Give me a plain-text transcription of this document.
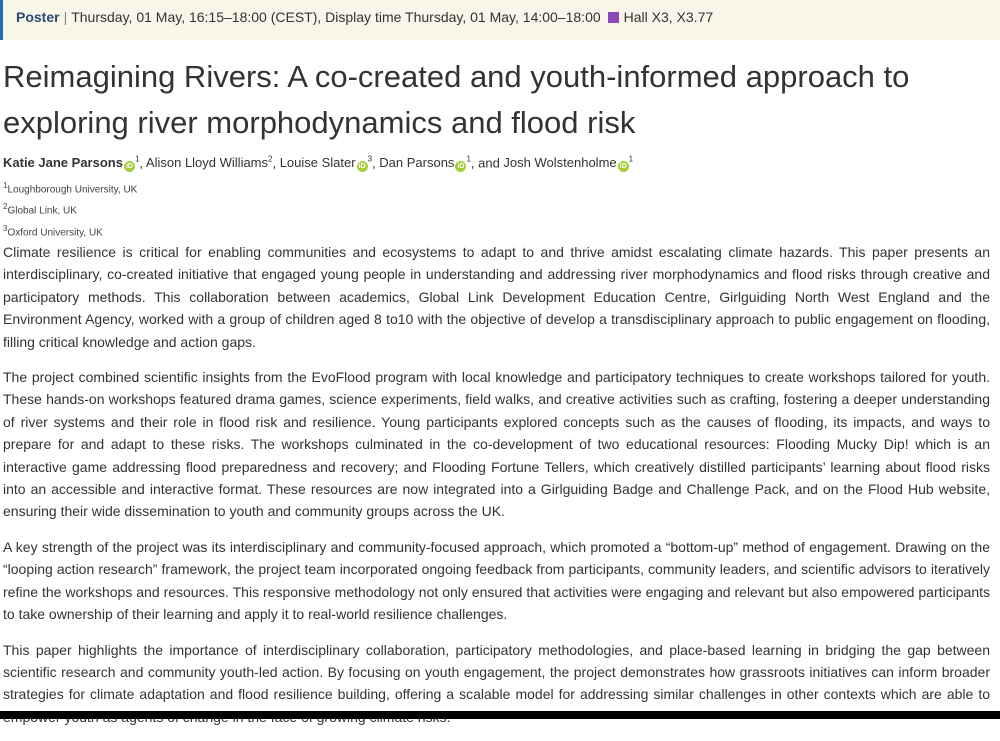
Poster | Thursday, 01 May, 16:15–18:00 (CEST), Display time Thursday, 01 May, 14:00–18:00 Hall X3, X3.77
Reimagining Rivers: A co-created and youth-informed approach to exploring river morphodynamics and flood risk
Katie Jane Parsons $iD^1$, Alison Lloyd Williams$^2$, Louise Slater $iD^3$, Dan Parsons $iD^1$, and Josh Wolstenholme $iD^1$
$^1$Loughborough University, UK
$^2$Global Link, UK
$^3$Oxford University, UK

Climate resilience is critical for enabling communities and ecosystems to adapt to and thrive amidst escalating climate hazards. This paper presents an interdisciplinary, co-created initiative that engaged young people in understanding and addressing river morphodynamics and flood risks through creative and participatory methods. This collaboration between academics, Global Link Development Education Centre, Girlguiding North West England and the Environment Agency, worked with a group of children aged 8 to10 with the objective of develop a transdisciplinary approach to public engagement on flooding, filling critical knowledge and action gaps.

The project combined scientific insights from the EvoFlood program with local knowledge and participatory techniques to create workshops tailored for youth. These hands-on workshops featured drama games, science experiments, field walks, and creative activities such as crafting, fostering a deeper understanding of river systems and their role in flood risk and resilience. Young participants explored concepts such as the causes of flooding, its impacts, and ways to prepare for and adapt to these risks. The workshops culminated in the co-development of two educational resources: Flooding Mucky Dip! which is an interactive game addressing flood preparedness and recovery; and Flooding Fortune Tellers, which creatively distilled participants’ learning about flood risks into an accessible and interactive format. These resources are now integrated into a Girlguiding Badge and Challenge Pack, and on the Flood Hub website, ensuring their wide dissemination to youth and community groups across the UK.

A key strength of the project was its interdisciplinary and community-focused approach, which promoted a “bottom-up” method of engagement. Drawing on the “looping action research” framework, the project team incorporated ongoing feedback from participants, community leaders, and scientific advisors to iteratively refine the workshops and resources. This responsive methodology not only ensured that activities were engaging and relevant but also empowered participants to take ownership of their learning and apply it to real-world resilience challenges.

This paper highlights the importance of interdisciplinary collaboration, participatory methodologies, and place-based learning in bridging the gap between scientific research and community youth-led action. By focusing on youth engagement, the project demonstrates how grassroots initiatives can inform broader strategies for climate adaptation and flood resilience building, offering a scalable model for addressing similar challenges in other contexts which are able to
